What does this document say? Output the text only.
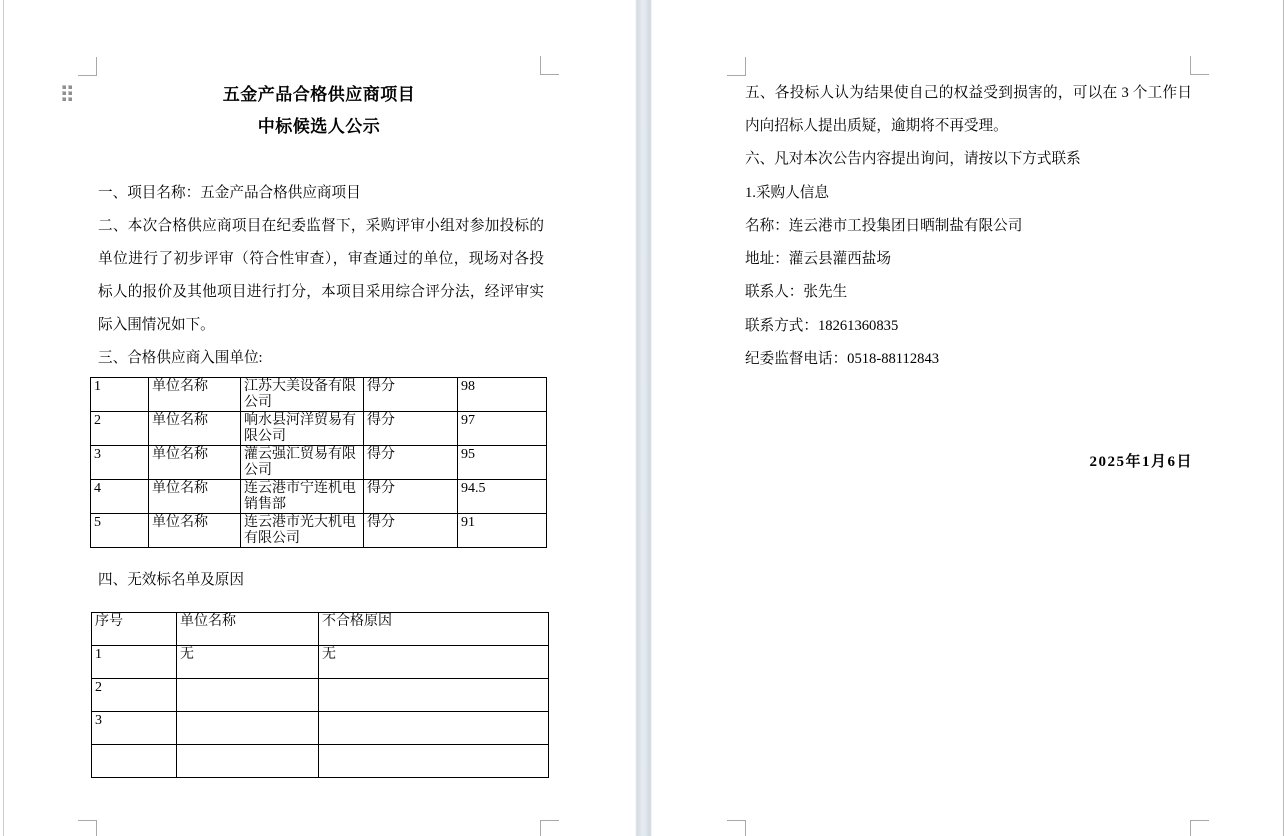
五金产品合格供应商项目
中标候选人公示
一、项目名称：五金产品合格供应商项目
二、本次合格供应商项目在纪委监督下，采购评审小组对参加投标的
单位进行了初步评审（符合性审查），审查通过的单位，现场对各投
标人的报价及其他项目进行打分，本项目采用综合评分法，经评审实
际入围情况如下。
三、合格供应商入围单位:
1	单位名称	江苏大美设备有限公司	得分	98
2	单位名称	响水县河洋贸易有限公司	得分	97
3	单位名称	灌云强汇贸易有限公司	得分	95
4	单位名称	连云港市宁连机电销售部	得分	94.5
5	单位名称	连云港市光大机电有限公司	得分	91
四、无效标名单及原因
序号	单位名称	不合格原因
1	无	无
2		
3		

五、各投标人认为结果使自己的权益受到损害的，可以在 3 个工作日
内向招标人提出质疑，逾期将不再受理。
六、凡对本次公告内容提出询问，请按以下方式联系
1.采购人信息
名称：连云港市工投集团日晒制盐有限公司
地址：灌云县灌西盐场
联系人：张先生
联系方式：18261360835
纪委监督电话：0518-88112843
2025年1月6日
